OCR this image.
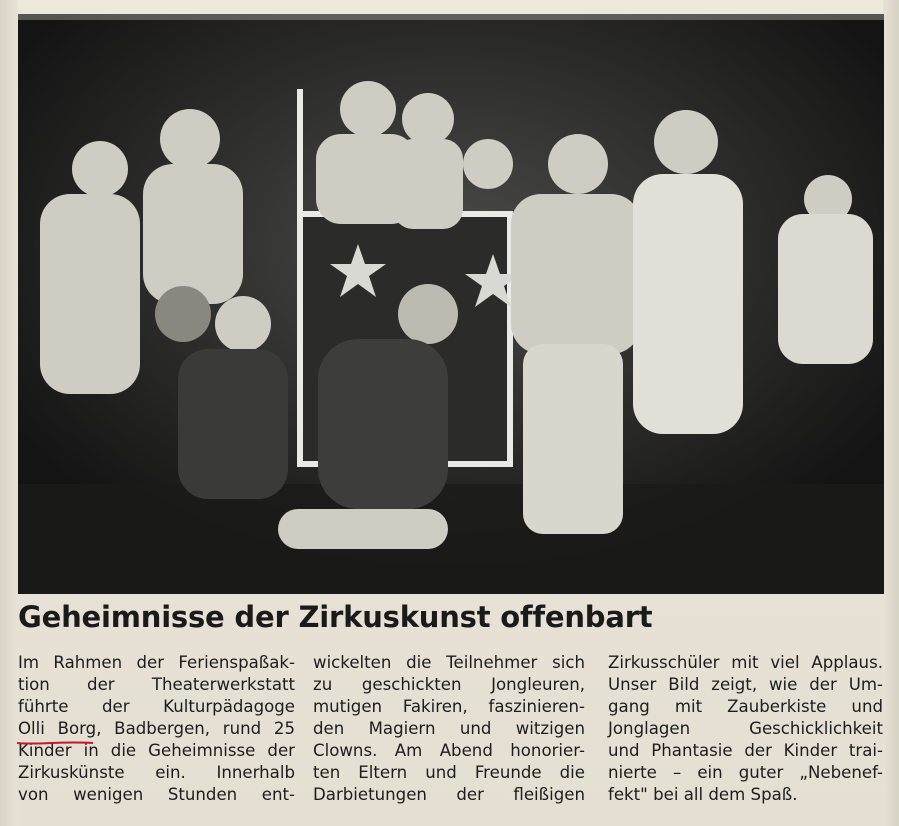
Geheimnisse der Zirkuskunst offenbart
Im Rahmen der Ferienspaßak-
tion der Theaterwerkstatt
führte der Kulturpädagoge
Olli Borg, Badbergen, rund 25
Kinder in die Geheimnisse der
Zirkuskünste ein. Innerhalb
von wenigen Stunden ent-
wickelten die Teilnehmer sich
zu geschickten Jongleuren,
mutigen Fakiren, faszinieren-
den Magiern und witzigen
Clowns. Am Abend honorier-
ten Eltern und Freunde die
Darbietungen der fleißigen
Zirkusschüler mit viel Applaus.
Unser Bild zeigt, wie der Um-
gang mit Zauberkiste und
Jonglagen Geschicklichkeit
und Phantasie der Kinder trai-
nierte – ein guter „Nebenef-
fekt" bei all dem Spaß.
